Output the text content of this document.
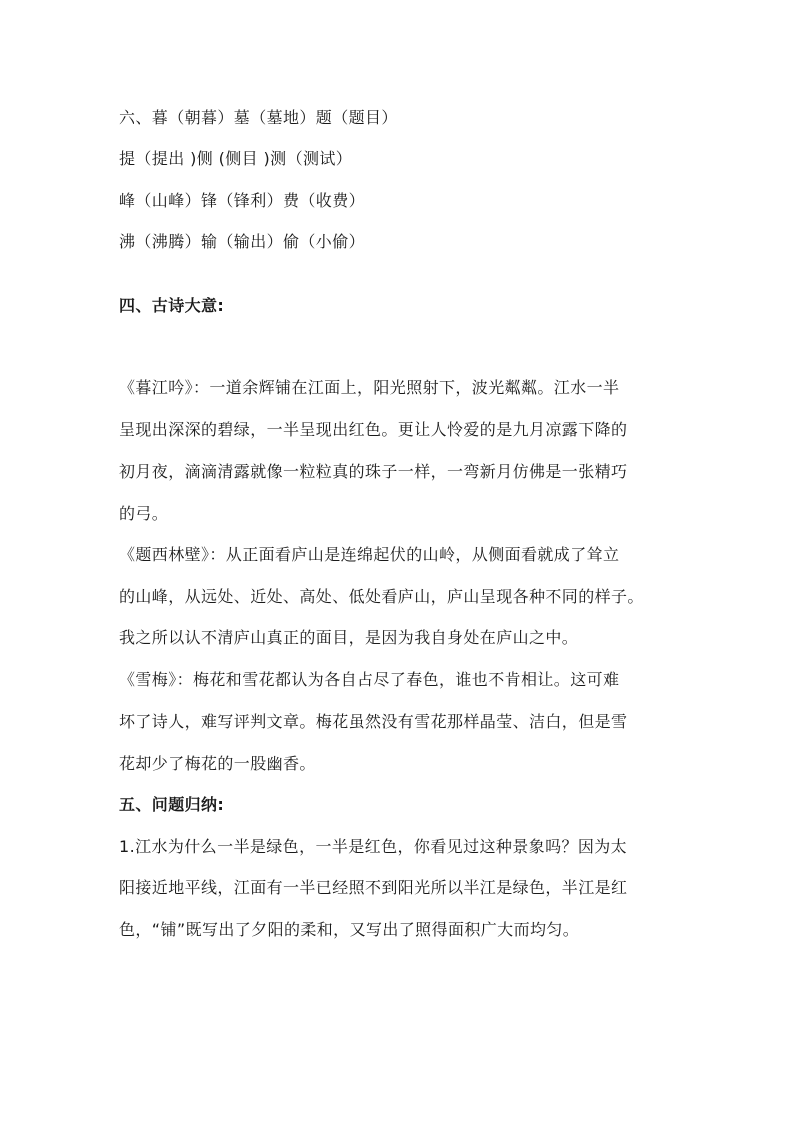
六、暮（朝暮）墓（墓地）题（题目）
提（提出 )侧 (侧目 )测（测试）
峰（山峰）锋（锋利）费（收费）
沸（沸腾）输（输出）偷（小偷）
四、古诗大意:
《暮江吟》：一道余辉铺在江面上，阳光照射下，波光粼粼。江水一半
呈现出深深的碧绿，一半呈现出红色。更让人怜爱的是九月凉露下降的
初月夜，滴滴清露就像一粒粒真的珠子一样，一弯新月仿佛是一张精巧
的弓。
《题西林壁》：从正面看庐山是连绵起伏的山岭，从侧面看就成了耸立
的山峰，从远处、近处、高处、低处看庐山，庐山呈现各种不同的样子。
我之所以认不清庐山真正的面目，是因为我自身处在庐山之中。
《雪梅》：梅花和雪花都认为各自占尽了春色，谁也不肯相让。这可难
坏了诗人，难写评判文章。梅花虽然没有雪花那样晶莹、洁白，但是雪
花却少了梅花的一股幽香。
五、问题归纳:
1.江水为什么一半是绿色，一半是红色，你看见过这种景象吗？因为太
阳接近地平线，江面有一半已经照不到阳光所以半江是绿色，半江是红
色，“铺”既写出了夕阳的柔和，又写出了照得面积广大而均匀。
